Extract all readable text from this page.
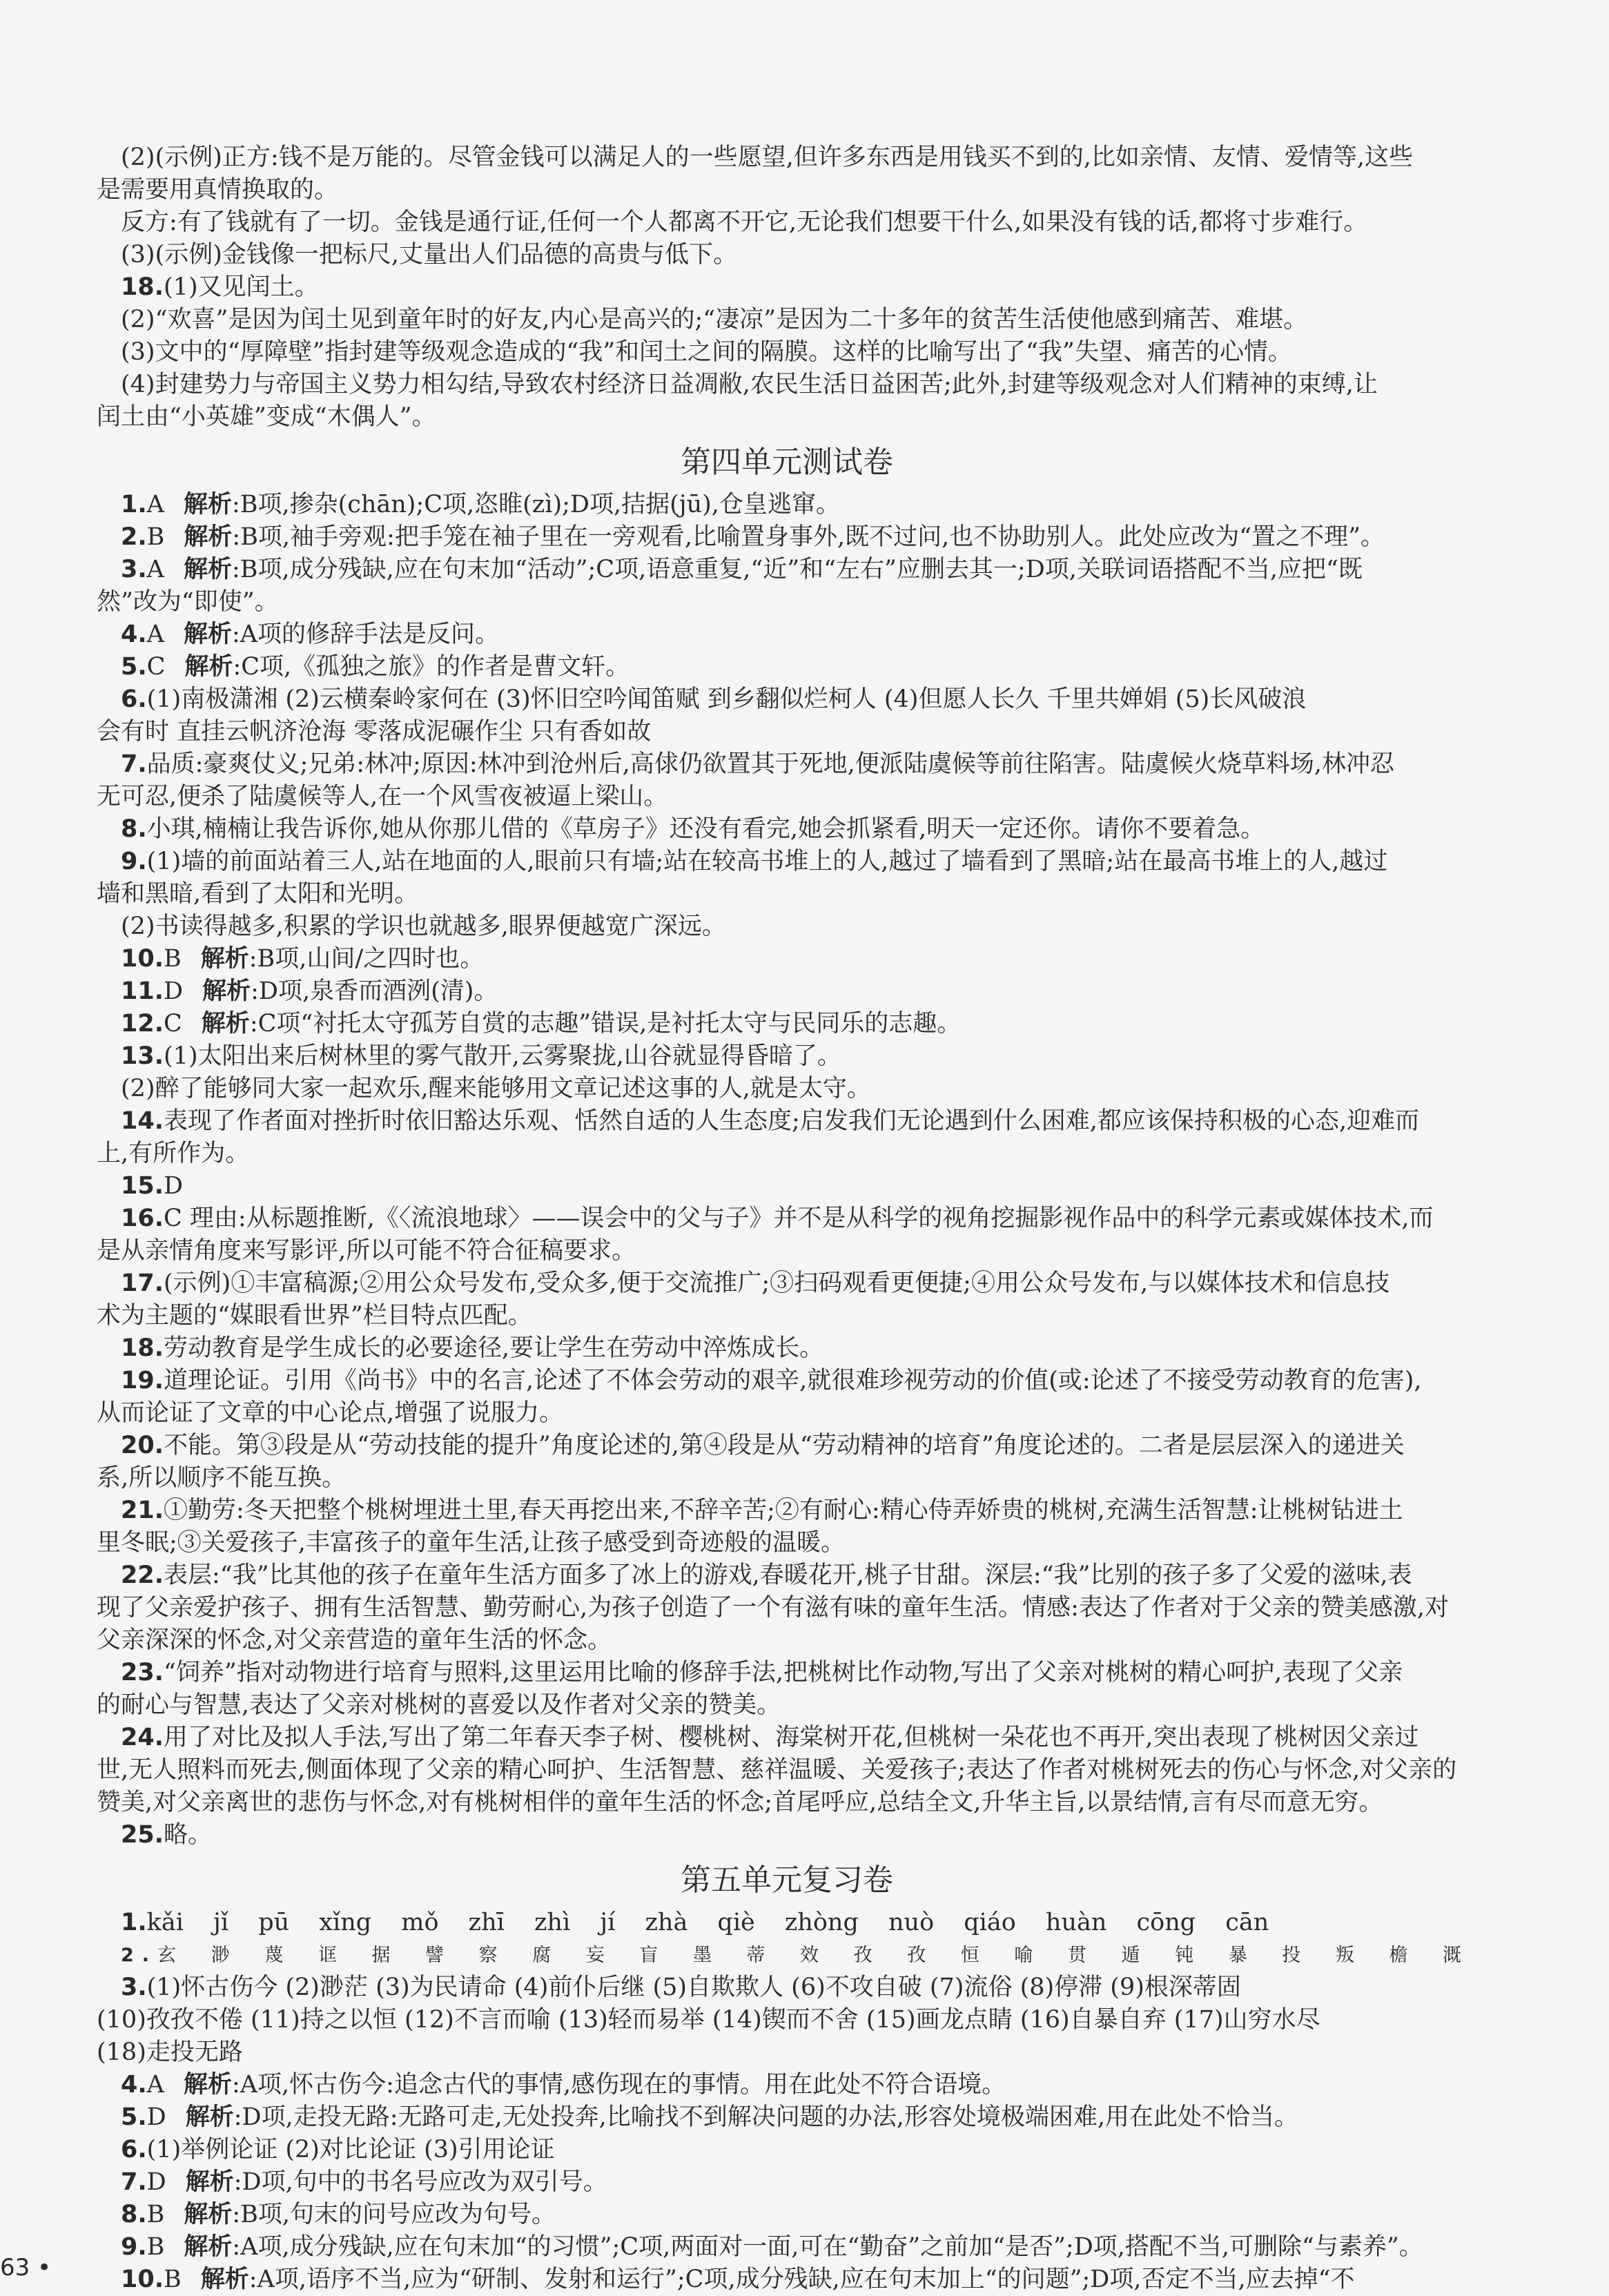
(2)(示例)正方:钱不是万能的。尽管金钱可以满足人的一些愿望,但许多东西是用钱买不到的,比如亲情、友情、爱情等,这些

是需要用真情换取的。

反方:有了钱就有了一切。金钱是通行证,任何一个人都离不开它,无论我们想要干什么,如果没有钱的话,都将寸步难行。

(3)(示例)金钱像一把标尺,丈量出人们品德的高贵与低下。

18.(1)又见闰土。

(2)“欢喜”是因为闰土见到童年时的好友,内心是高兴的;“凄凉”是因为二十多年的贫苦生活使他感到痛苦、难堪。

(3)文中的“厚障壁”指封建等级观念造成的“我”和闰土之间的隔膜。这样的比喻写出了“我”失望、痛苦的心情。

(4)封建势力与帝国主义势力相勾结,导致农村经济日益凋敝,农民生活日益困苦;此外,封建等级观念对人们精神的束缚,让

闰土由“小英雄”变成“木偶人”。

第四单元测试卷

1.A 解析:B项,掺杂(chān);C项,恣睢(zì);D项,拮据(jū),仓皇逃窜。

2.B 解析:B项,袖手旁观:把手笼在袖子里在一旁观看,比喻置身事外,既不过问,也不协助别人。此处应改为“置之不理”。

3.A 解析:B项,成分残缺,应在句末加“活动”;C项,语意重复,“近”和“左右”应删去其一;D项,关联词语搭配不当,应把“既

然”改为“即使”。

4.A 解析:A项的修辞手法是反问。

5.C 解析:C项,《孤独之旅》的作者是曹文轩。

6.(1)南极潇湘 (2)云横秦岭家何在 (3)怀旧空吟闻笛赋 到乡翻似烂柯人 (4)但愿人长久 千里共婵娟 (5)长风破浪

会有时 直挂云帆济沧海 零落成泥碾作尘 只有香如故

7.品质:豪爽仗义;兄弟:林冲;原因:林冲到沧州后,高俅仍欲置其于死地,便派陆虞候等前往陷害。陆虞候火烧草料场,林冲忍

无可忍,便杀了陆虞候等人,在一个风雪夜被逼上梁山。

8.小琪,楠楠让我告诉你,她从你那儿借的《草房子》还没有看完,她会抓紧看,明天一定还你。请你不要着急。

9.(1)墙的前面站着三人,站在地面的人,眼前只有墙;站在较高书堆上的人,越过了墙看到了黑暗;站在最高书堆上的人,越过

墙和黑暗,看到了太阳和光明。

(2)书读得越多,积累的学识也就越多,眼界便越宽广深远。

10.B 解析:B项,山间/之四时也。

11.D 解析:D项,泉香而酒洌(清)。

12.C 解析:C项“衬托太守孤芳自赏的志趣”错误,是衬托太守与民同乐的志趣。

13.(1)太阳出来后树林里的雾气散开,云雾聚拢,山谷就显得昏暗了。

(2)醉了能够同大家一起欢乐,醒来能够用文章记述这事的人,就是太守。

14.表现了作者面对挫折时依旧豁达乐观、恬然自适的人生态度;启发我们无论遇到什么困难,都应该保持积极的心态,迎难而

上,有所作为。

15.D

16.C 理由:从标题推断,《〈流浪地球〉——误会中的父与子》并不是从科学的视角挖掘影视作品中的科学元素或媒体技术,而

是从亲情角度来写影评,所以可能不符合征稿要求。

17.(示例)①丰富稿源;②用公众号发布,受众多,便于交流推广;③扫码观看更便捷;④用公众号发布,与以媒体技术和信息技

术为主题的“媒眼看世界”栏目特点匹配。

18.劳动教育是学生成长的必要途径,要让学生在劳动中淬炼成长。

19.道理论证。引用《尚书》中的名言,论述了不体会劳动的艰辛,就很难珍视劳动的价值(或:论述了不接受劳动教育的危害),

从而论证了文章的中心论点,增强了说服力。

20.不能。第③段是从“劳动技能的提升”角度论述的,第④段是从“劳动精神的培育”角度论述的。二者是层层深入的递进关

系,所以顺序不能互换。

21.①勤劳:冬天把整个桃树埋进土里,春天再挖出来,不辞辛苦;②有耐心:精心侍弄娇贵的桃树,充满生活智慧:让桃树钻进土

里冬眠;③关爱孩子,丰富孩子的童年生活,让孩子感受到奇迹般的温暖。

22.表层:“我”比其他的孩子在童年生活方面多了冰上的游戏,春暖花开,桃子甘甜。深层:“我”比别的孩子多了父爱的滋味,表

现了父亲爱护孩子、拥有生活智慧、勤劳耐心,为孩子创造了一个有滋有味的童年生活。情感:表达了作者对于父亲的赞美感激,对

父亲深深的怀念,对父亲营造的童年生活的怀念。

23.“饲养”指对动物进行培育与照料,这里运用比喻的修辞手法,把桃树比作动物,写出了父亲对桃树的精心呵护,表现了父亲

的耐心与智慧,表达了父亲对桃树的喜爱以及作者对父亲的赞美。

24.用了对比及拟人手法,写出了第二年春天李子树、樱桃树、海棠树开花,但桃树一朵花也不再开,突出表现了桃树因父亲过

世,无人照料而死去,侧面体现了父亲的精心呵护、生活智慧、慈祥温暖、关爱孩子;表达了作者对桃树死去的伤心与怀念,对父亲的

赞美,对父亲离世的悲伤与怀念,对有桃树相伴的童年生活的怀念;首尾呼应,总结全文,升华主旨,以景结情,言有尽而意无穷。

25.略。

第五单元复习卷

1.kǎi jǐ pū xǐng mǒ zhī zhì jí zhà qiè zhòng nuò qiáo huàn cōng cān

2.玄 渺 蔑 诓 据 譬 察 腐 妄 盲 墨 蒂 效 孜 孜 恒 喻 贯 遁 钝 暴 投 叛 檐 溉

3.(1)怀古伤今 (2)渺茫 (3)为民请命 (4)前仆后继 (5)自欺欺人 (6)不攻自破 (7)流俗 (8)停滞 (9)根深蒂固

(10)孜孜不倦 (11)持之以恒 (12)不言而喻 (13)轻而易举 (14)锲而不舍 (15)画龙点睛 (16)自暴自弃 (17)山穷水尽

(18)走投无路

4.A 解析:A项,怀古伤今:追念古代的事情,感伤现在的事情。用在此处不符合语境。

5.D 解析:D项,走投无路:无路可走,无处投奔,比喻找不到解决问题的办法,形容处境极端困难,用在此处不恰当。

6.(1)举例论证 (2)对比论证 (3)引用论证

7.D 解析:D项,句中的书名号应改为双引号。

8.B 解析:B项,句末的问号应改为句号。

9.B 解析:A项,成分残缺,应在句末加“的习惯”;C项,两面对一面,可在“勤奋”之前加“是否”;D项,搭配不当,可删除“与素养”。

10.B 解析:A项,语序不当,应为“研制、发射和运行”;C项,成分残缺,应在句末加上“的问题”;D项,否定不当,应去掉“不

63 •
